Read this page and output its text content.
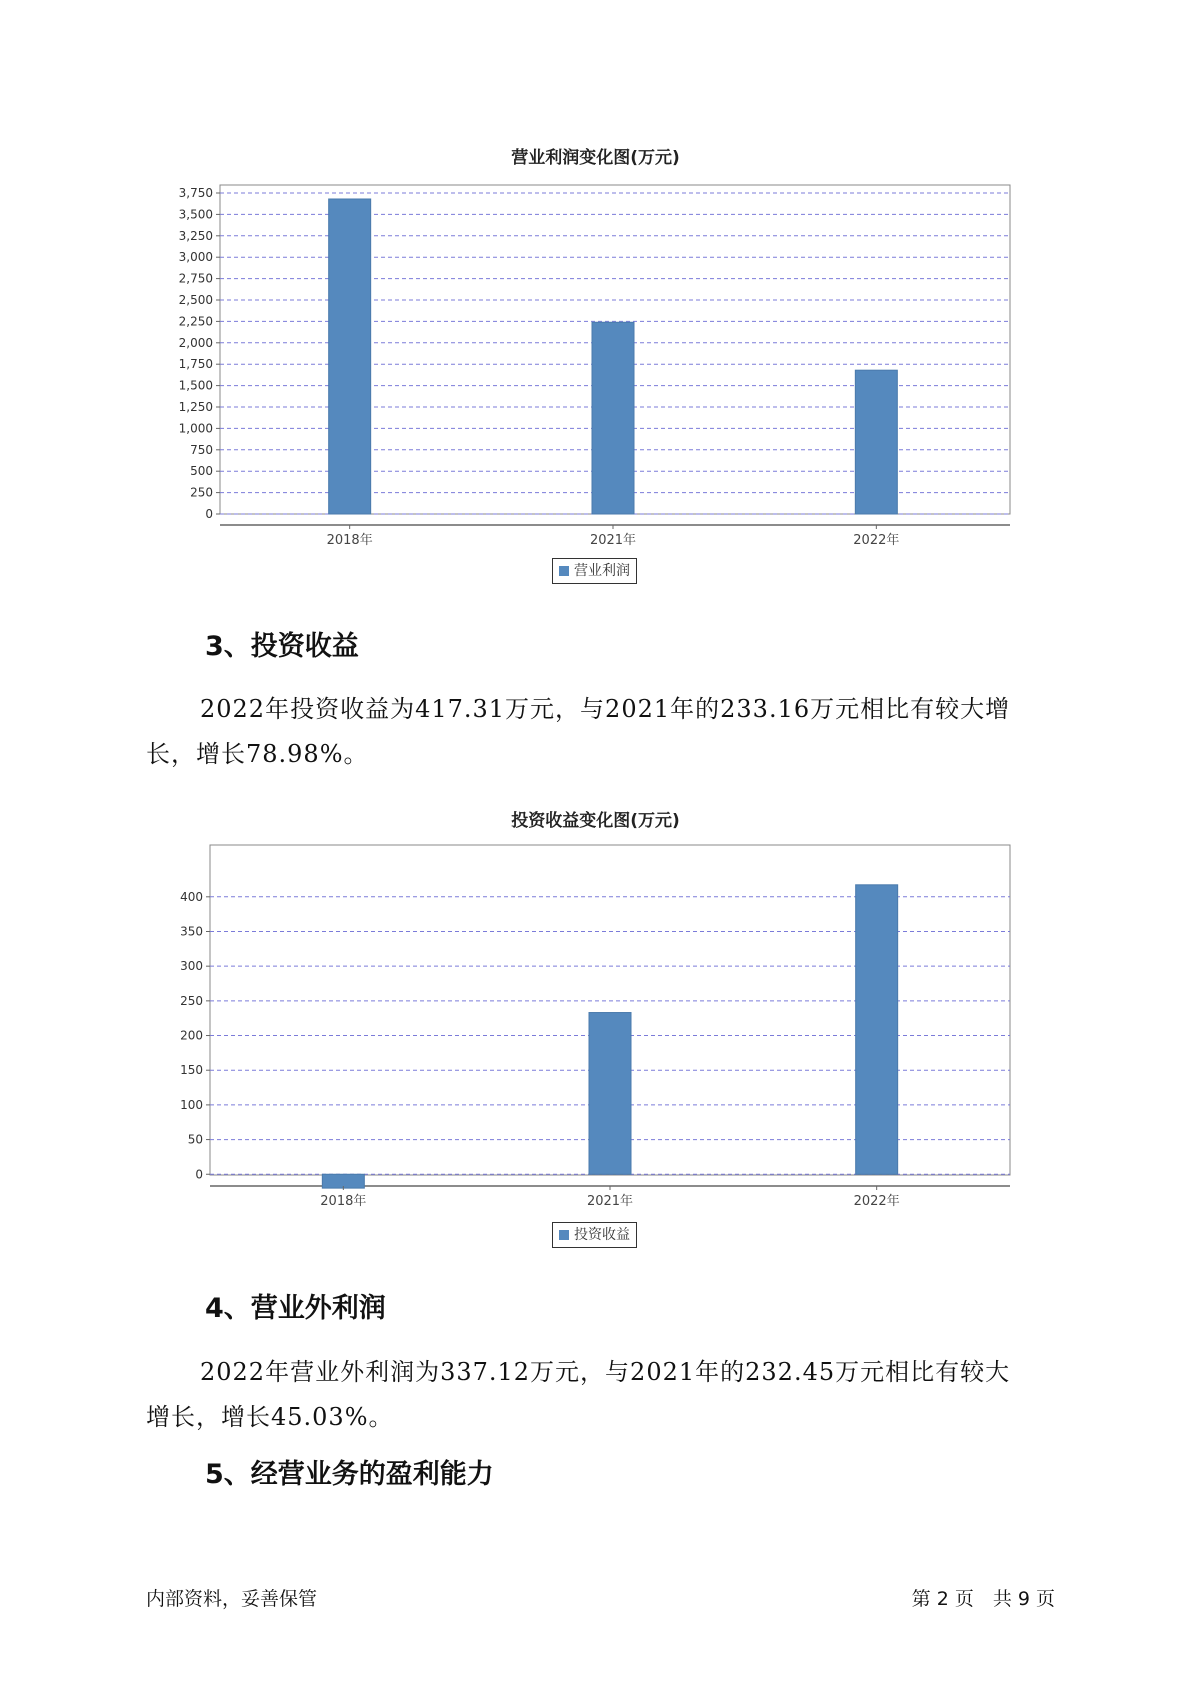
营业利润变化图(万元)
0
250
500
750
1,000
1,250
1,500
1,750
2,000
2,250
2,500
2,750
3,000
3,250
3,500
3,750
2018年	2021年	2022年
营业利润
3、投资收益
2022年投资收益为417.31万元，与2021年的233.16万元相比有较大增
长，增长78.98%。
投资收益变化图(万元)
0
50
100
150
200
250
300
350
400
2018年	2021年	2022年
投资收益
4、营业外利润
2022年营业外利润为337.12万元，与2021年的232.45万元相比有较大
增长，增长45.03%。
5、经营业务的盈利能力
内部资料，妥善保管	第 2 页　共 9 页
